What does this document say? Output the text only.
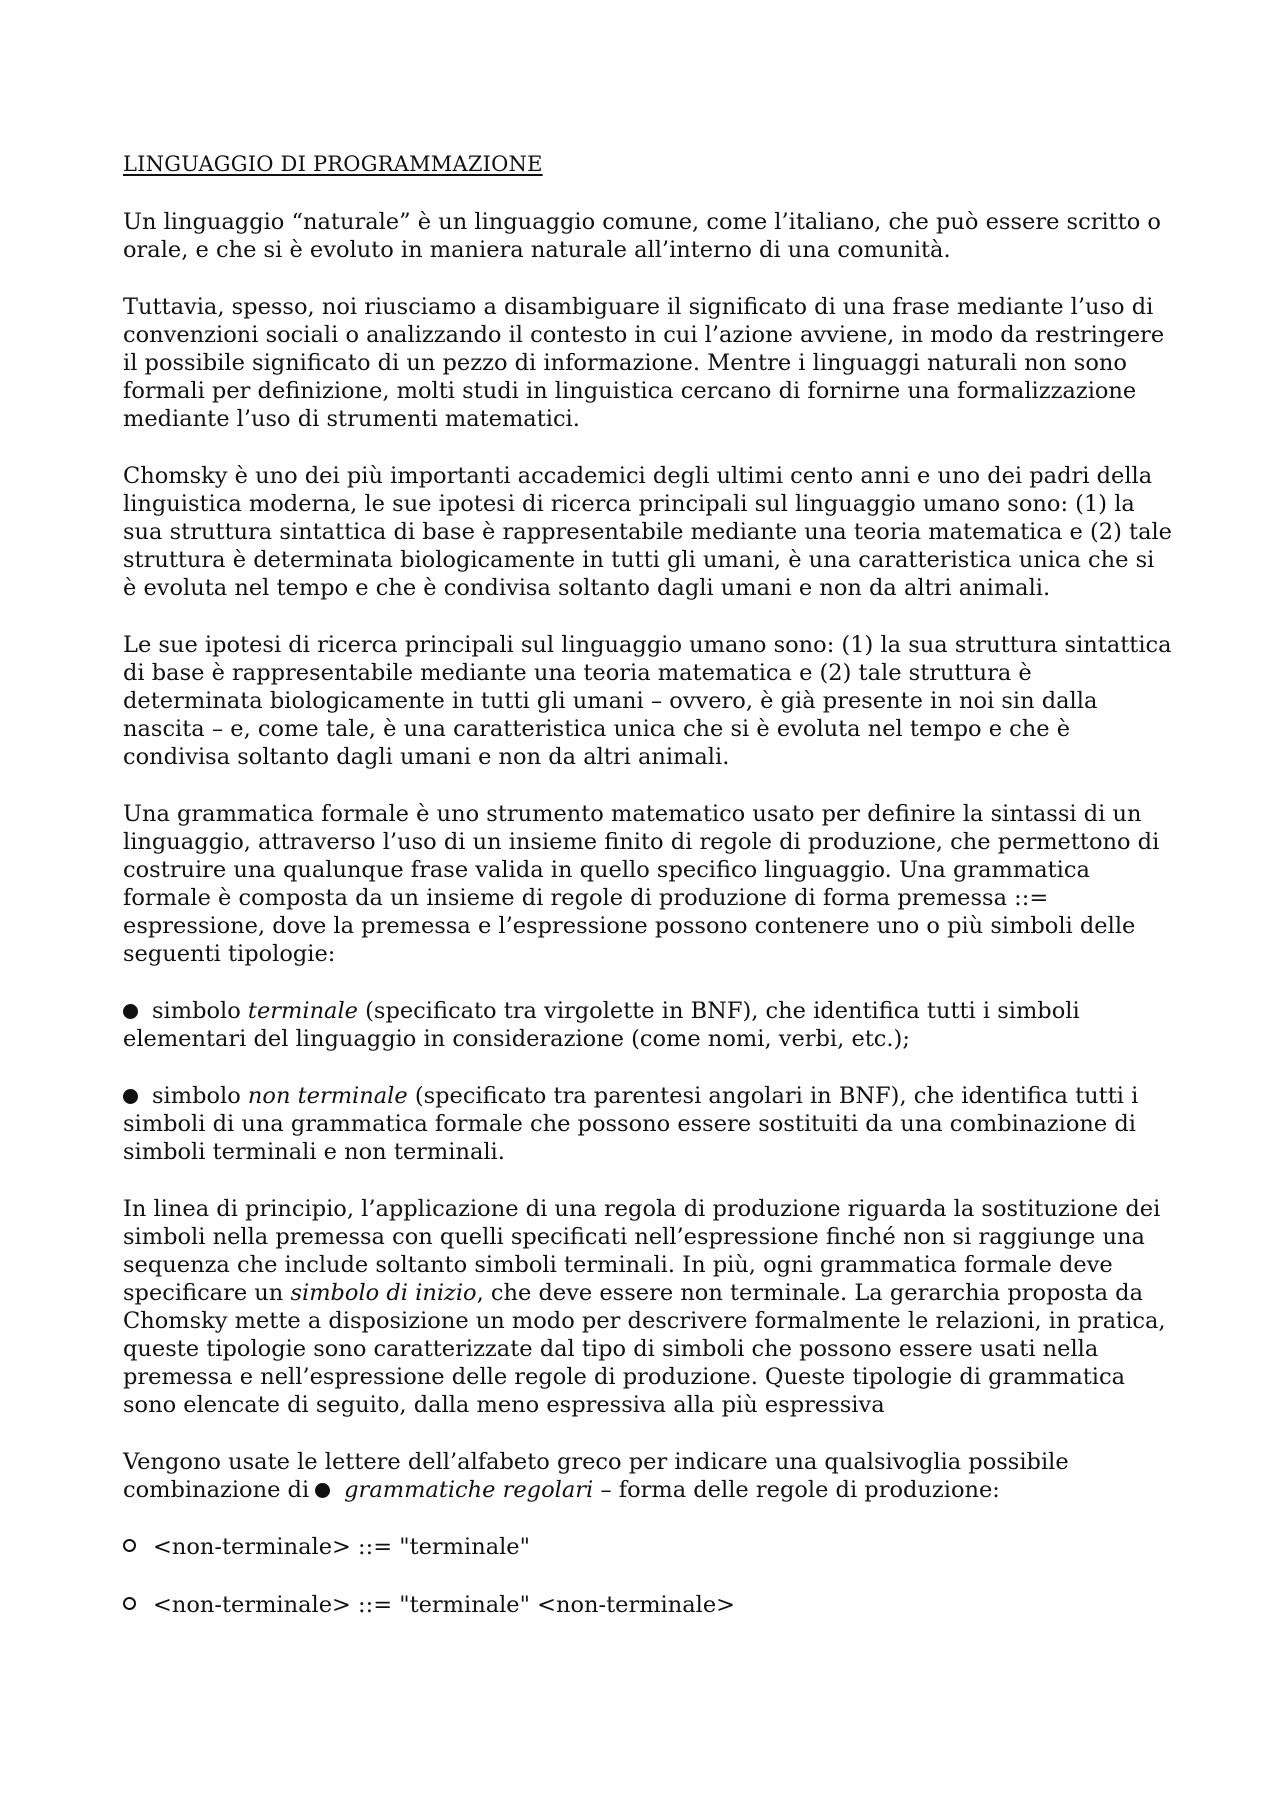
LINGUAGGIO DI PROGRAMMAZIONE
Un linguaggio “naturale” è un linguaggio comune, come l’italiano, che può essere scritto o orale, e che si è evoluto in maniera naturale all’interno di una comunità.
Tuttavia, spesso, noi riusciamo a disambiguare il significato di una frase mediante l’uso di convenzioni sociali o analizzando il contesto in cui l’azione avviene, in modo da restringere il possibile significato di un pezzo di informazione. Mentre i linguaggi naturali non sono formali per definizione, molti studi in linguistica cercano di fornirne una formalizzazione mediante l’uso di strumenti matematici.
Chomsky è uno dei più importanti accademici degli ultimi cento anni e uno dei padri della linguistica moderna, le sue ipotesi di ricerca principali sul linguaggio umano sono: (1) la sua struttura sintattica di base è rappresentabile mediante una teoria matematica e (2) tale struttura è determinata biologicamente in tutti gli umani, è una caratteristica unica che si è evoluta nel tempo e che è condivisa soltanto dagli umani e non da altri animali.
Le sue ipotesi di ricerca principali sul linguaggio umano sono: (1) la sua struttura sintattica di base è rappresentabile mediante una teoria matematica e (2) tale struttura è determinata biologicamente in tutti gli umani – ovvero, è già presente in noi sin dalla nascita – e, come tale, è una caratteristica unica che si è evoluta nel tempo e che è condivisa soltanto dagli umani e non da altri animali.
Una grammatica formale è uno strumento matematico usato per definire la sintassi di un linguaggio, attraverso l’uso di un insieme finito di regole di produzione, che permettono di costruire una qualunque frase valida in quello specifico linguaggio. Una grammatica formale è composta da un insieme di regole di produzione di forma premessa ::= espressione, dove la premessa e l’espressione possono contenere uno o più simboli delle seguenti tipologie:
simbolo terminale (specificato tra virgolette in BNF), che identifica tutti i simboli elementari del linguaggio in considerazione (come nomi, verbi, etc.);
simbolo non terminale (specificato tra parentesi angolari in BNF), che identifica tutti i simboli di una grammatica formale che possono essere sostituiti da una combinazione di simboli terminali e non terminali.
In linea di principio, l’applicazione di una regola di produzione riguarda la sostituzione dei simboli nella premessa con quelli specificati nell’espressione finché non si raggiunge una sequenza che include soltanto simboli terminali. In più, ogni grammatica formale deve specificare un simbolo di inizio, che deve essere non terminale. La gerarchia proposta da Chomsky mette a disposizione un modo per descrivere formalmente le relazioni, in pratica, queste tipologie sono caratterizzate dal tipo di simboli che possono essere usati nella premessa e nell’espressione delle regole di produzione. Queste tipologie di grammatica sono elencate di seguito, dalla meno espressiva alla più espressiva
Vengono usate le lettere dell’alfabeto greco per indicare una qualsivoglia possibile combinazione di grammatiche regolari – forma delle regole di produzione:
<non-terminale> ::= "terminale"
<non-terminale> ::= "terminale" <non-terminale>
